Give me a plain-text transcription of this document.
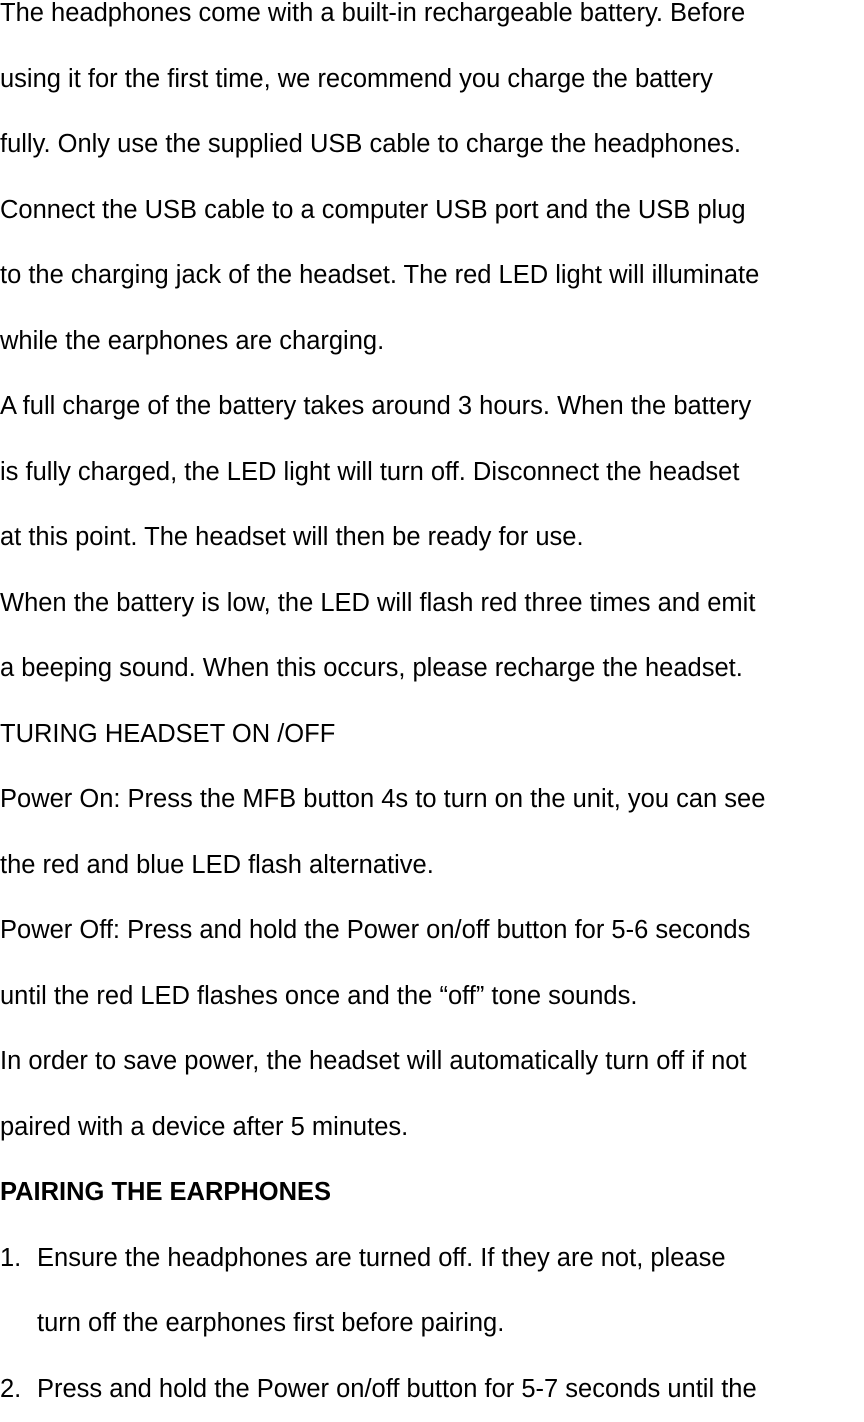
The headphones come with a built-in rechargeable battery. Before
using it for the first time, we recommend you charge the battery
fully. Only use the supplied USB cable to charge the headphones.
Connect the USB cable to a computer USB port and the USB plug
to the charging jack of the headset. The red LED light will illuminate
while the earphones are charging.
A full charge of the battery takes around 3 hours. When the battery
is fully charged, the LED light will turn off. Disconnect the headset
at this point. The headset will then be ready for use.
When the battery is low, the LED will flash red three times and emit
a beeping sound. When this occurs, please recharge the headset.
TURING HEADSET ON /OFF
Power On: Press the MFB button 4s to turn on the unit, you can see
the red and blue LED flash alternative.
Power Off: Press and hold the Power on/off button for 5-6 seconds
until the red LED flashes once and the “off” tone sounds.
In order to save power, the headset will automatically turn off if not
paired with a device after 5 minutes.
PAIRING THE EARPHONES
1. Ensure the headphones are turned off. If they are not, please
turn off the earphones first before pairing.
2. Press and hold the Power on/off button for 5-7 seconds until the
